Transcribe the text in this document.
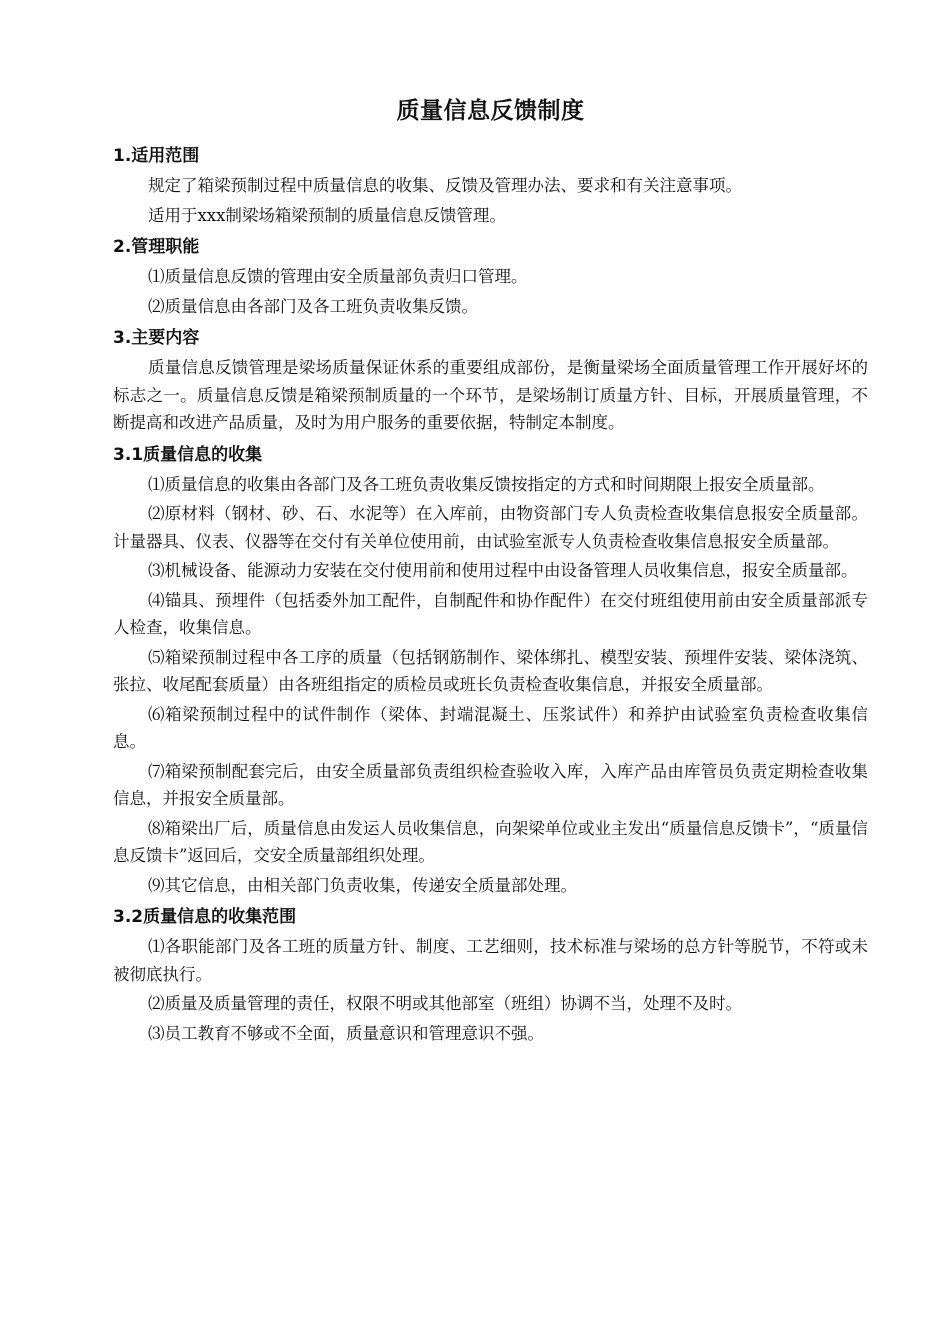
质量信息反馈制度
1.适用范围

规定了箱梁预制过程中质量信息的收集、反馈及管理办法、要求和有关注意事项。

适用于xxx制梁场箱梁预制的质量信息反馈管理。

2.管理职能

⑴质量信息反馈的管理由安全质量部负责归口管理。

⑵质量信息由各部门及各工班负责收集反馈。

3.主要内容

质量信息反馈管理是梁场质量保证休系的重要组成部份，是衡量梁场全面质量管理工作开展好坏的标志之一。质量信息反馈是箱梁预制质量的一个环节，是梁场制订质量方针、目标，开展质量管理，不断提高和改进产品质量，及时为用户服务的重要依据，特制定本制度。

3.1质量信息的收集

⑴质量信息的收集由各部门及各工班负责收集反馈按指定的方式和时间期限上报安全质量部。

⑵原材料（钢材、砂、石、水泥等）在入库前，由物资部门专人负责检查收集信息报安全质量部。计量器具、仪表、仪器等在交付有关单位使用前，由试验室派专人负责检查收集信息报安全质量部。

⑶机械设备、能源动力安装在交付使用前和使用过程中由设备管理人员收集信息，报安全质量部。

⑷锚具、预埋件（包括委外加工配件，自制配件和协作配件）在交付班组使用前由安全质量部派专人检查，收集信息。

⑸箱梁预制过程中各工序的质量（包括钢筋制作、梁体绑扎、模型安装、预埋件安装、梁体浇筑、张拉、收尾配套质量）由各班组指定的质检员或班长负责检查收集信息，并报安全质量部。

⑹箱梁预制过程中的试件制作（梁体、封端混凝土、压浆试件）和养护由试验室负责检查收集信息。

⑺箱梁预制配套完后，由安全质量部负责组织检查验收入库，入库产品由库管员负责定期检查收集信息，并报安全质量部。

⑻箱梁出厂后，质量信息由发运人员收集信息，向架梁单位或业主发出“质量信息反馈卡”，“质量信息反馈卡”返回后，交安全质量部组织处理。

⑼其它信息，由相关部门负责收集，传递安全质量部处理。

3.2质量信息的收集范围

⑴各职能部门及各工班的质量方针、制度、工艺细则，技术标准与梁场的总方针等脱节，不符或未被彻底执行。

⑵质量及质量管理的责任，权限不明或其他部室（班组）协调不当，处理不及时。

⑶员工教育不够或不全面，质量意识和管理意识不强。
